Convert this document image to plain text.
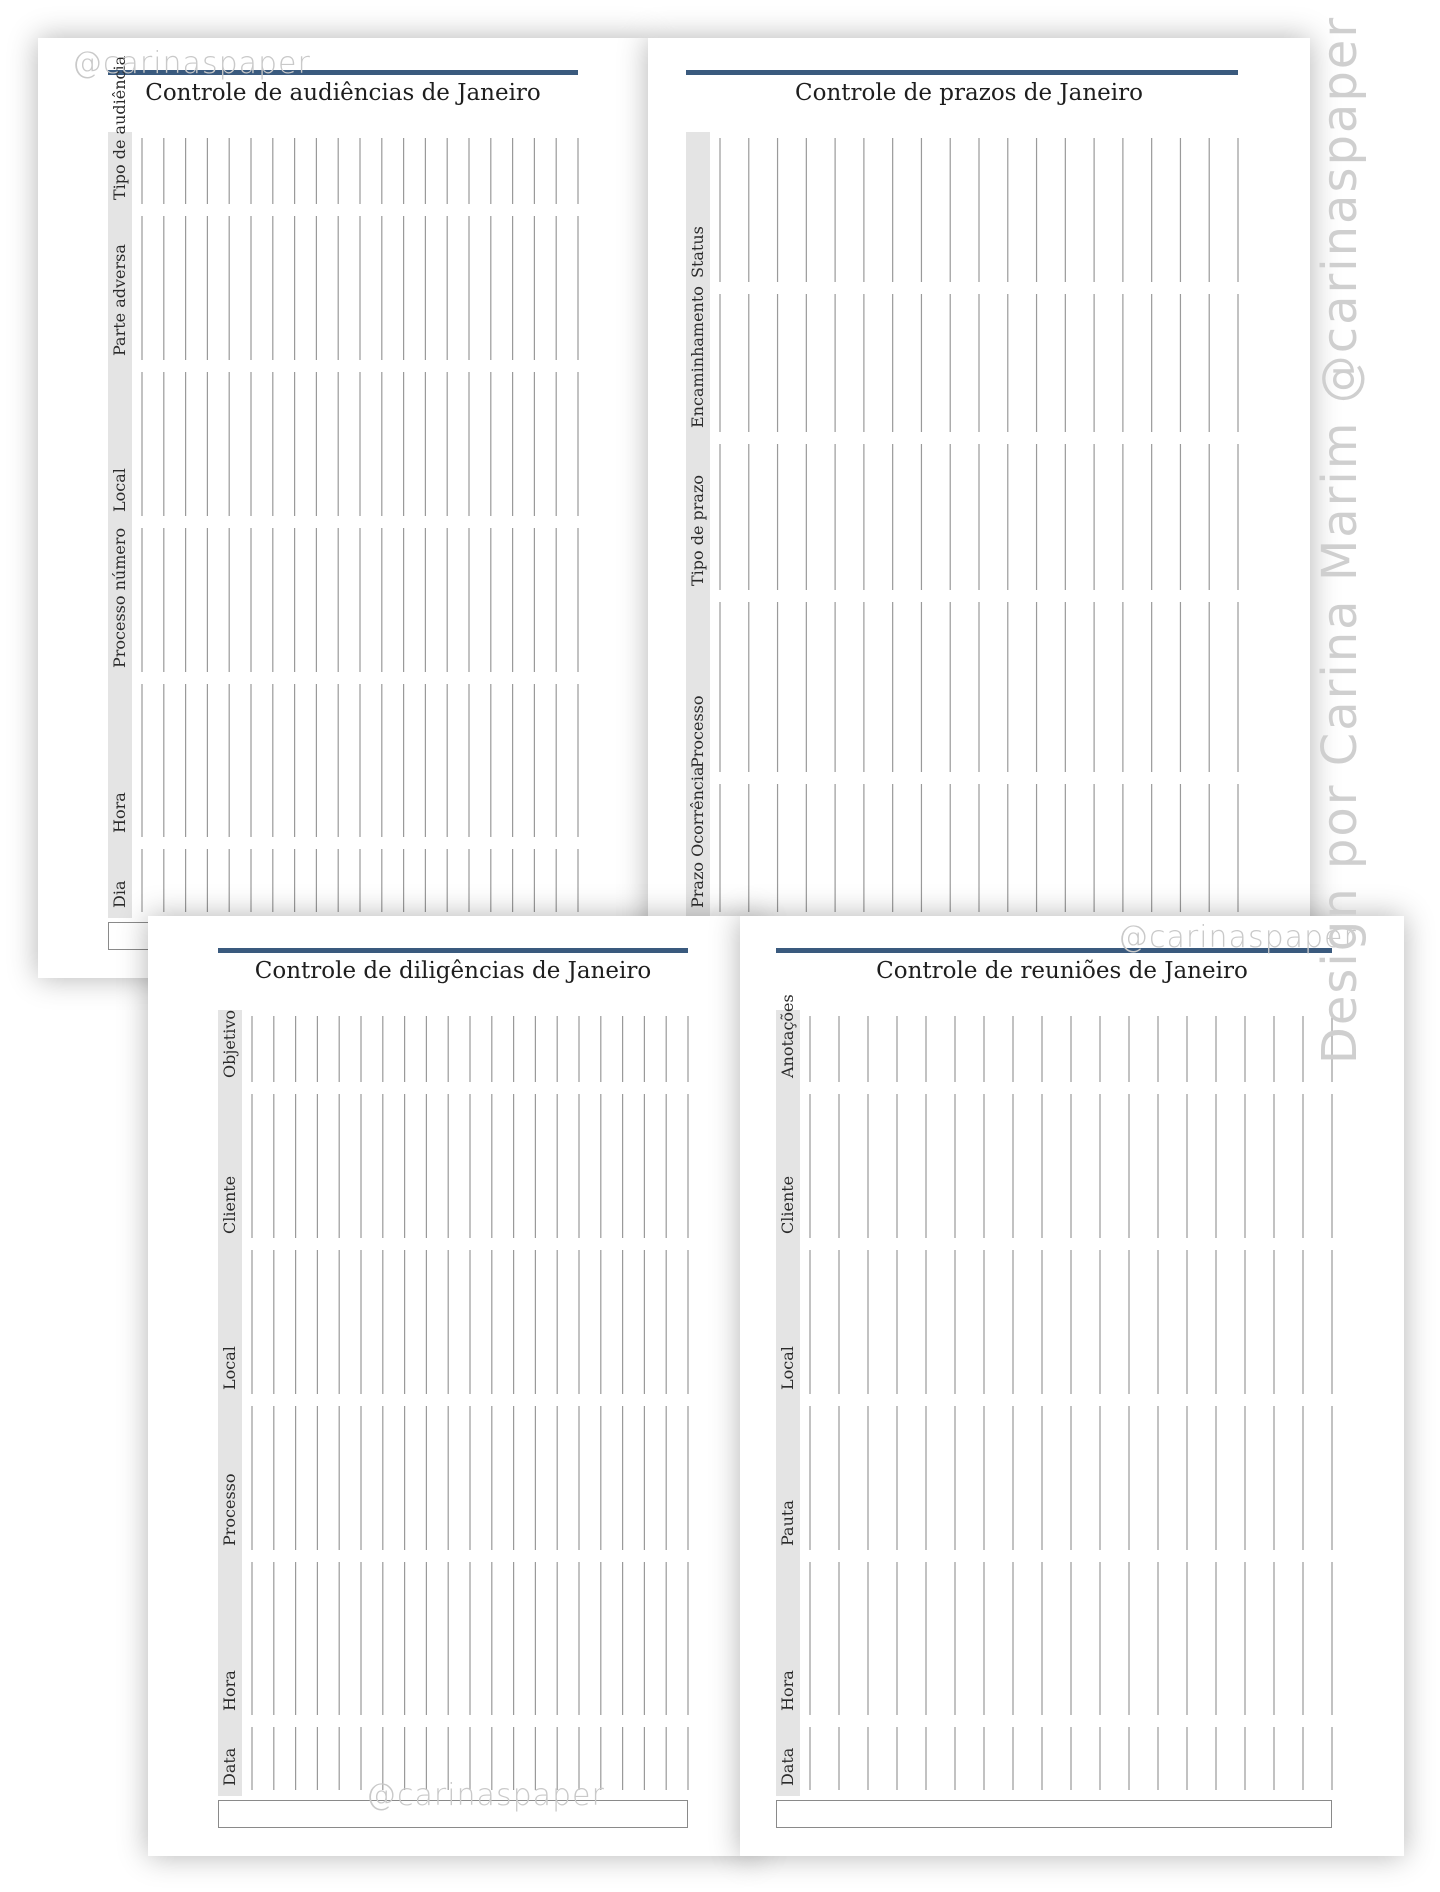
Controle de audiências de Janeiro
Dia
Hora
Processo número
Local
Parte adversa
Tipo de audiência	Controle de prazos de Janeiro
Prazo Ocorrência
Processo
Tipo de prazo
Encaminhamento
Status
Controle de diligências de Janeiro
Data
Hora
Processo
Local
Cliente
Objetivo
Controle de reuniões de Janeiro
Data
Hora
Pauta
Local
Cliente
Anotações
@carinaspaper
@carinaspaper
@carinaspaper
Design por Carina Marim @carinaspaper
